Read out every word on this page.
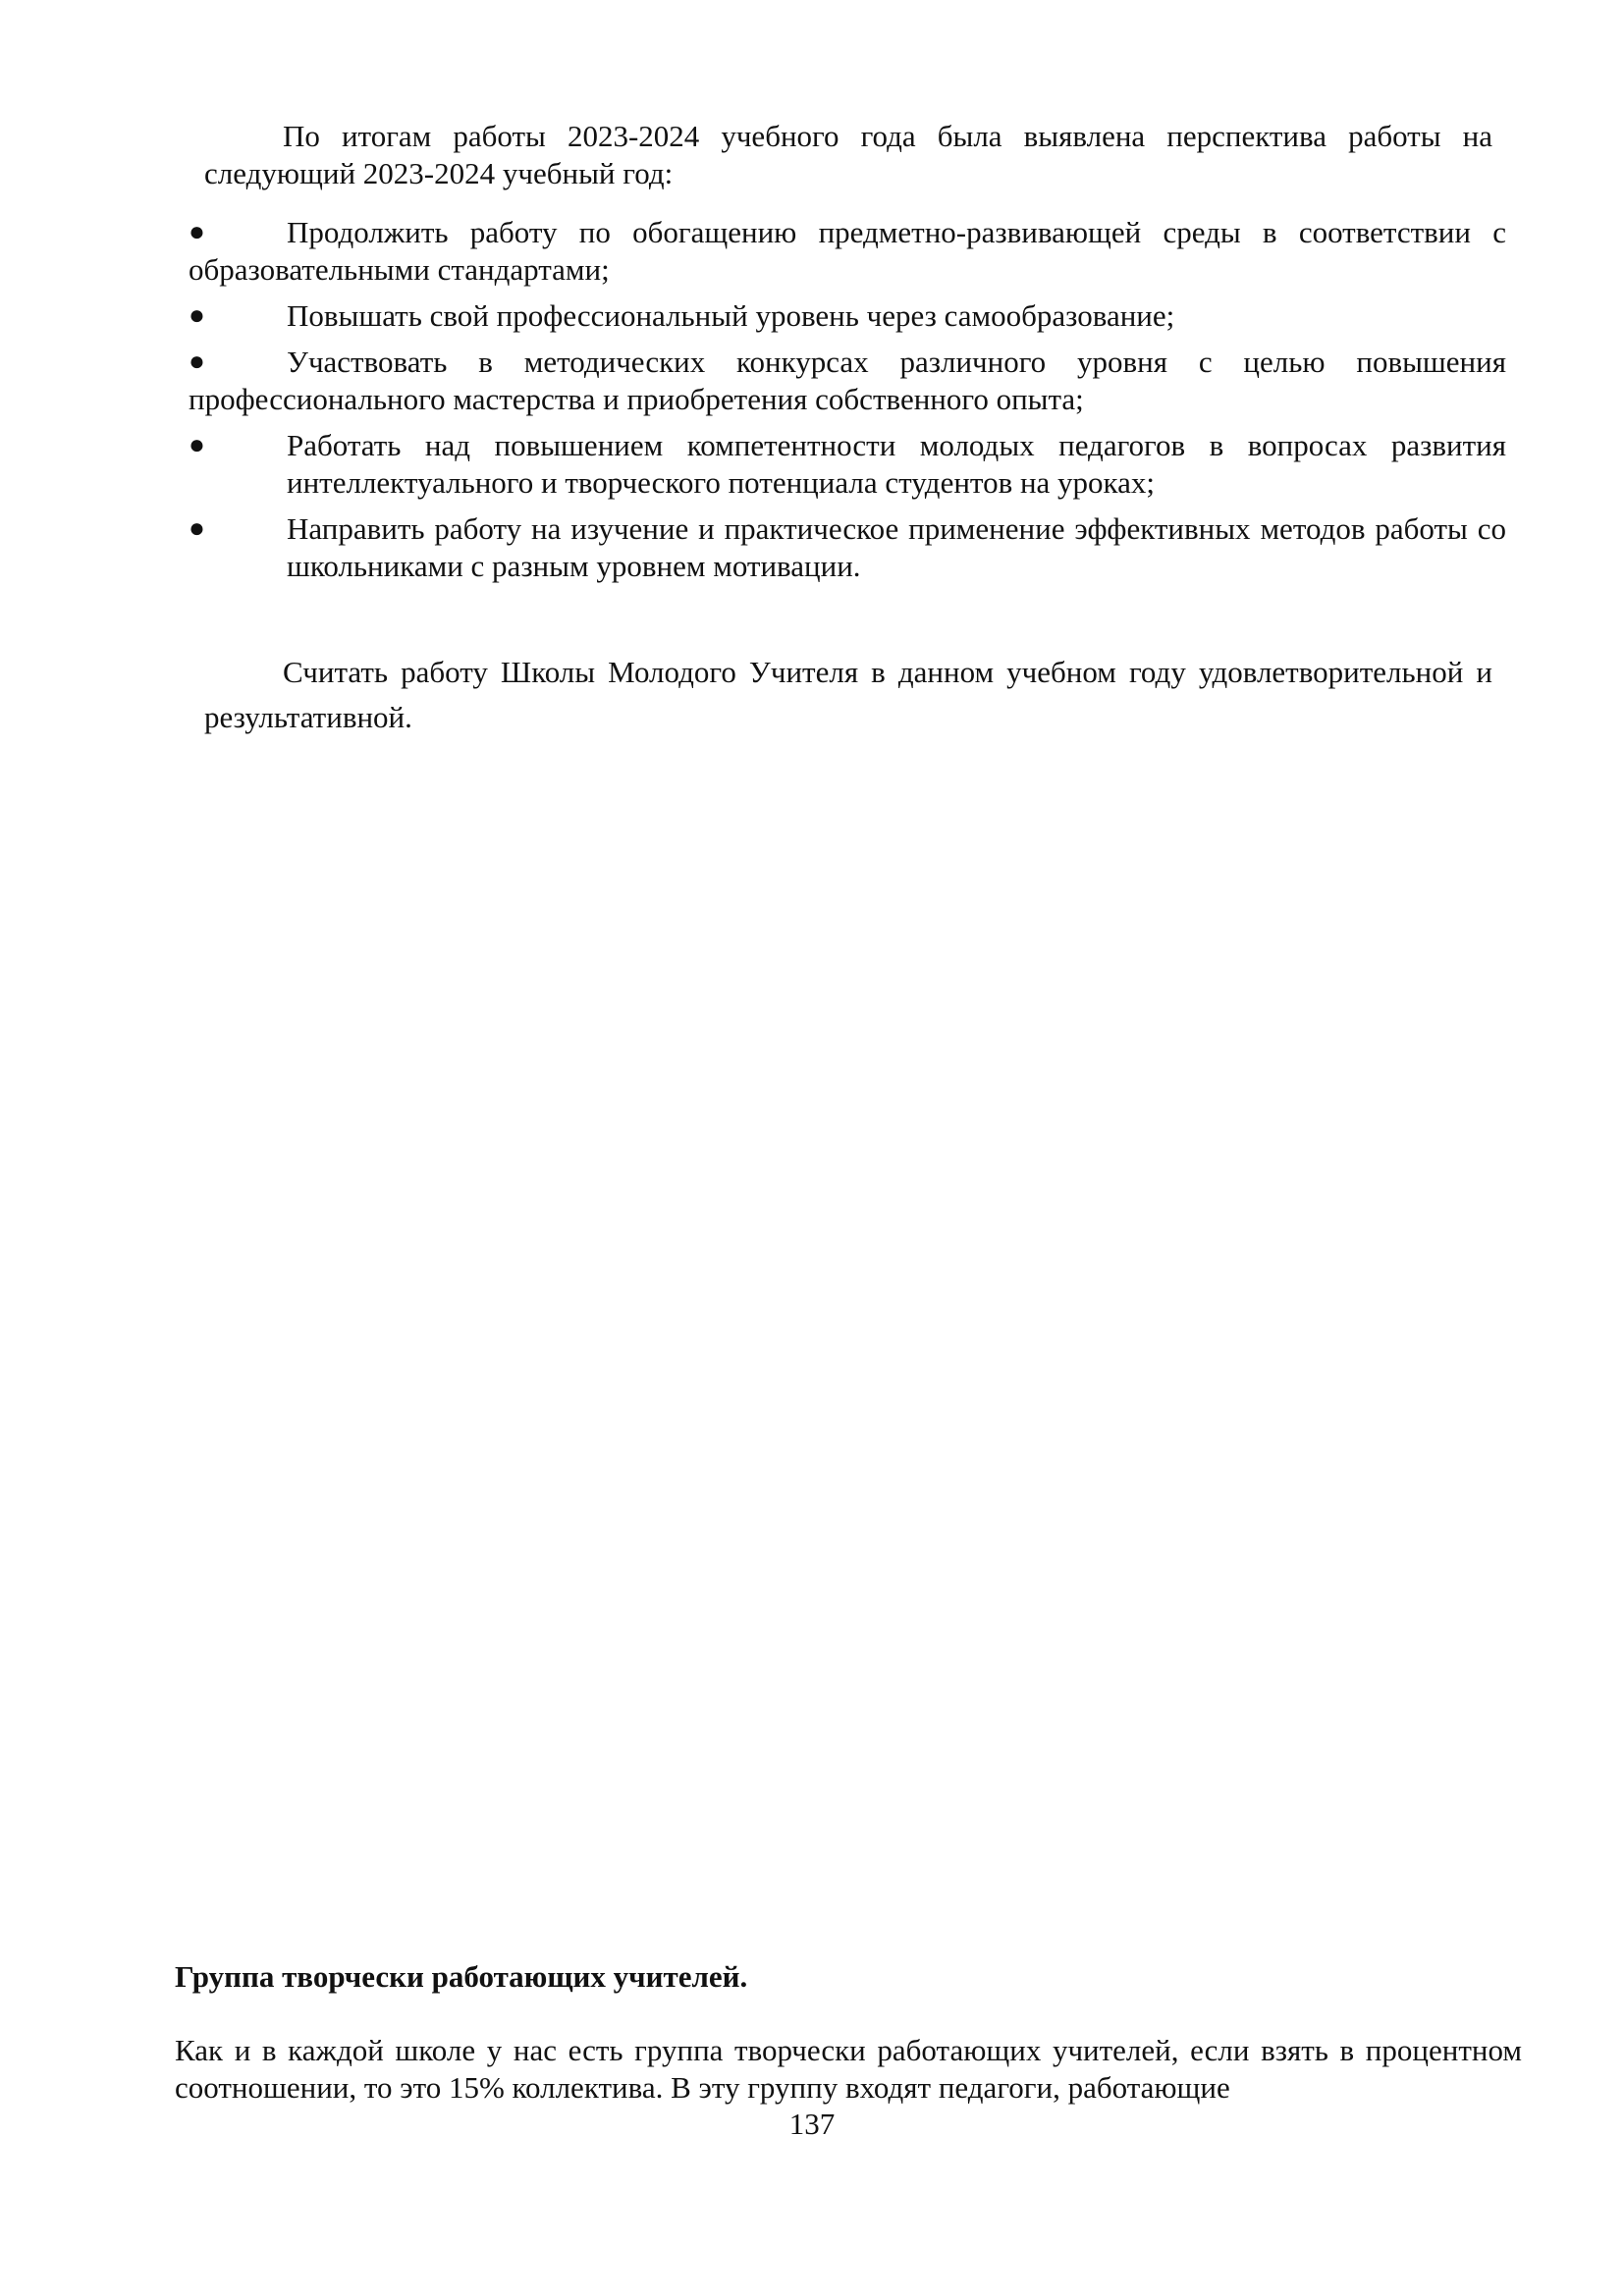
По итогам работы 2023-2024 учебного года была выявлена перспектива работы на следующий 2023-2024 учебный год:

●	Продолжить работу по обогащению предметно-развивающей среды в соответствии с образовательными стандартами;
●	Повышать свой профессиональный уровень через самообразование;
●	Участвовать в методических конкурсах различного уровня с целью повышения профессионального мастерства и приобретения собственного опыта;
●	Работать над повышением компетентности молодых педагогов в вопросах развития интеллектуального и творческого потенциала студентов на уроках;
●	Направить работу на изучение и практическое применение эффективных методов работы со школьниками с разным уровнем мотивации.

Считать работу Школы Молодого Учителя в данном учебном году удовлетворительной и результативной.

Группа творчески работающих учителей.

Как и в каждой школе у нас есть группа творчески работающих учителей, если взять в процентном соотношении, то это 15% коллектива. В эту группу входят педагоги, работающие

137
